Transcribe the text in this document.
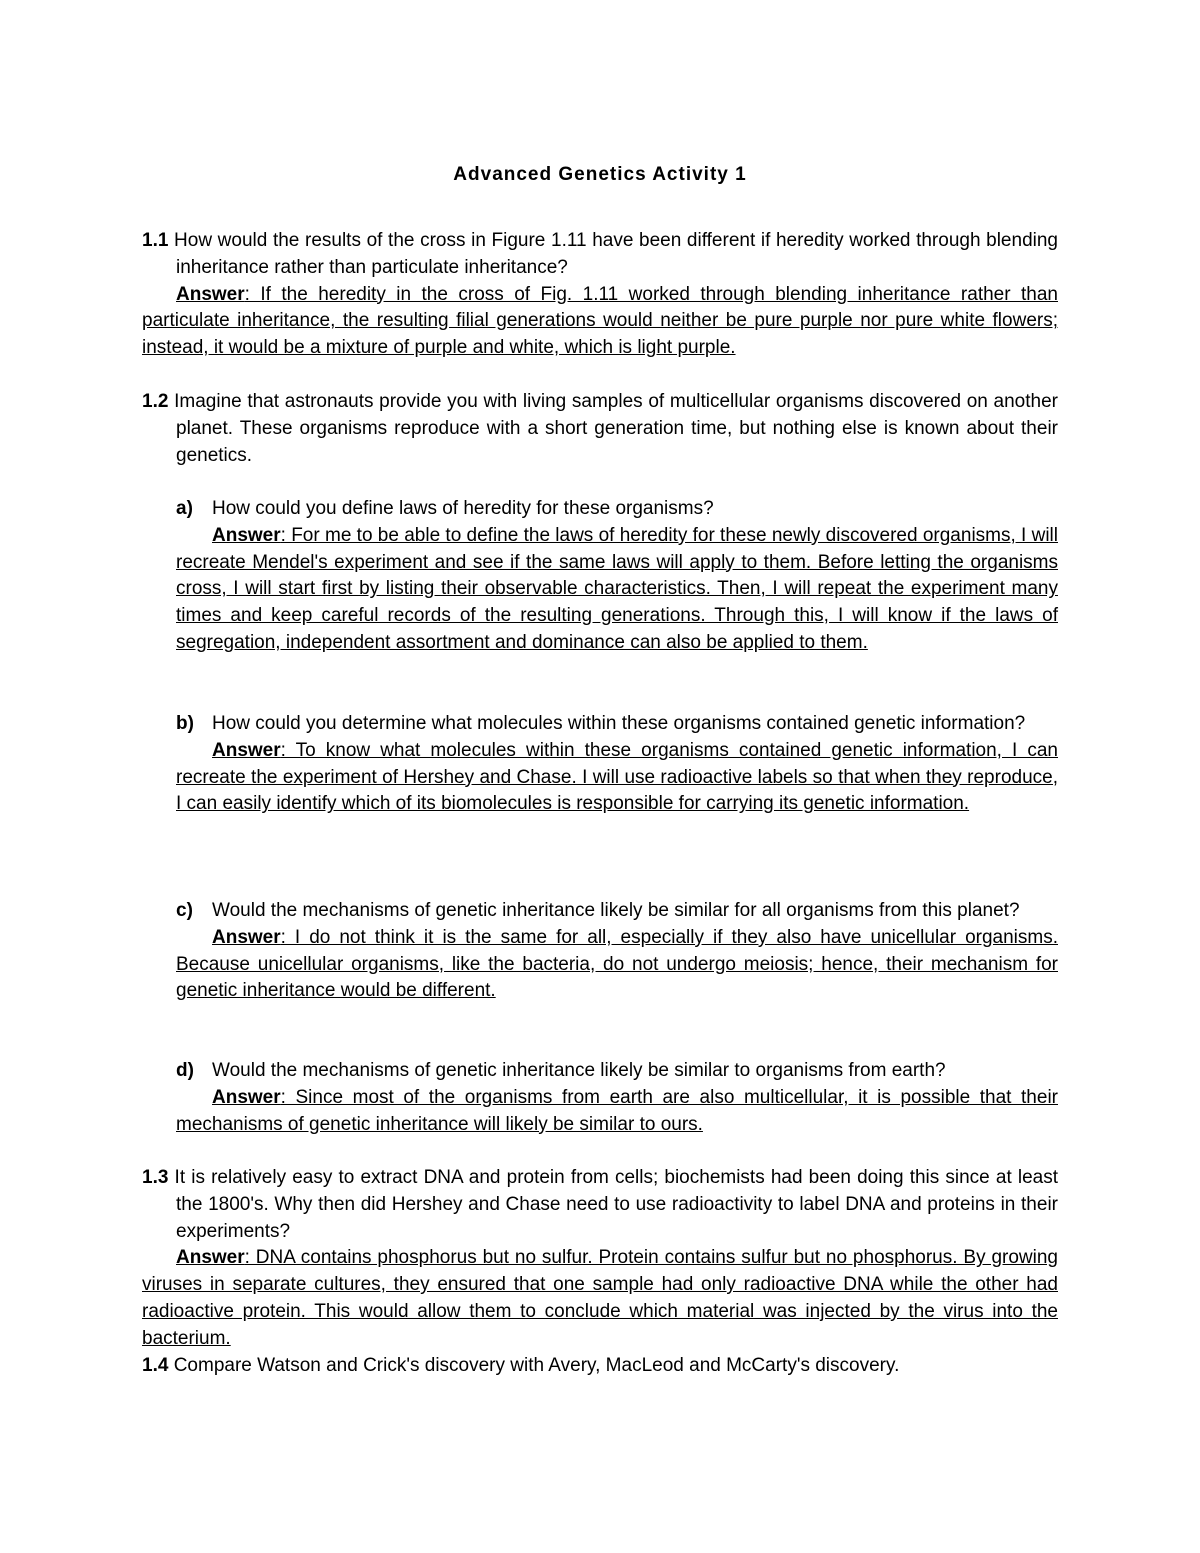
Advanced Genetics Activity 1
1.1 How would the results of the cross in Figure 1.11 have been different if heredity worked through blending inheritance rather than particulate inheritance?
Answer: If the heredity in the cross of Fig. 1.11 worked through blending inheritance rather than particulate inheritance, the resulting filial generations would neither be pure purple nor pure white flowers; instead, it would be a mixture of purple and white, which is light purple.
1.2 Imagine that astronauts provide you with living samples of multicellular organisms discovered on another planet. These organisms reproduce with a short generation time, but nothing else is known about their genetics.
a) How could you define laws of heredity for these organisms?
Answer: For me to be able to define the laws of heredity for these newly discovered organisms, I will recreate Mendel's experiment and see if the same laws will apply to them. Before letting the organisms cross, I will start first by listing their observable characteristics. Then, I will repeat the experiment many times and keep careful records of the resulting generations. Through this, I will know if the laws of segregation, independent assortment and dominance can also be applied to them.
b) How could you determine what molecules within these organisms contained genetic information?
Answer: To know what molecules within these organisms contained genetic information, I can recreate the experiment of Hershey and Chase. I will use radioactive labels so that when they reproduce, I can easily identify which of its biomolecules is responsible for carrying its genetic information.
c) Would the mechanisms of genetic inheritance likely be similar for all organisms from this planet?
Answer: I do not think it is the same for all, especially if they also have unicellular organisms. Because unicellular organisms, like the bacteria, do not undergo meiosis; hence, their mechanism for genetic inheritance would be different.
d) Would the mechanisms of genetic inheritance likely be similar to organisms from earth?
Answer: Since most of the organisms from earth are also multicellular, it is possible that their mechanisms of genetic inheritance will likely be similar to ours.
1.3 It is relatively easy to extract DNA and protein from cells; biochemists had been doing this since at least the 1800's. Why then did Hershey and Chase need to use radioactivity to label DNA and proteins in their experiments?
Answer: DNA contains phosphorus but no sulfur. Protein contains sulfur but no phosphorus. By growing viruses in separate cultures, they ensured that one sample had only radioactive DNA while the other had radioactive protein. This would allow them to conclude which material was injected by the virus into the bacterium.
1.4 Compare Watson and Crick's discovery with Avery, MacLeod and McCarty's discovery.
